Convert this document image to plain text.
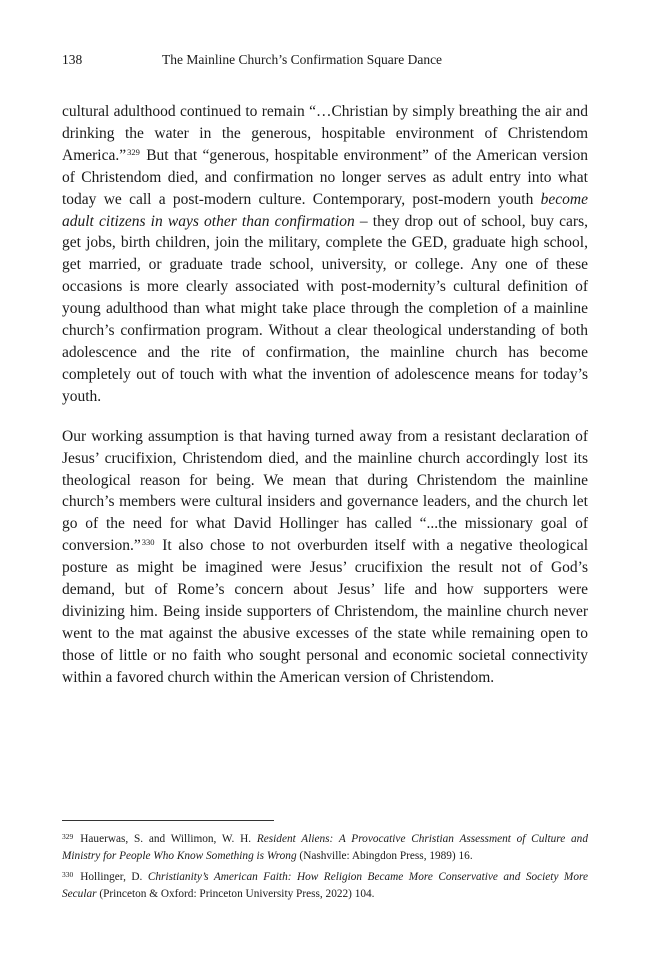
138	The Mainline Church’s Confirmation Square Dance

cultural adulthood continued to remain “…Christian by simply breathing the air and drinking the water in the generous, hospitable environment of Christendom America.”$^{329}$ But that “generous, hospitable environment” of the American version of Christendom died, and confirmation no longer serves as adult entry into what today we call a post-modern culture. Contemporary, post-modern youth become adult citizens in ways other than confirmation – they drop out of school, buy cars, get jobs, birth children, join the military, complete the GED, graduate high school, get married, or graduate trade school, university, or college. Any one of these occasions is more clearly associated with post-modernity’s cultural definition of young adulthood than what might take place through the completion of a mainline church’s confirmation program. Without a clear theological understanding of both adolescence and the rite of confirmation, the mainline church has become completely out of touch with what the invention of adolescence means for today’s youth.

Our working assumption is that having turned away from a resistant declaration of Jesus’ crucifixion, Christendom died, and the mainline church accordingly lost its theological reason for being. We mean that during Christendom the mainline church’s members were cultural insiders and governance leaders, and the church let go of the need for what David Hollinger has called “...the missionary goal of conversion.”$^{330}$ It also chose to not overburden itself with a negative theological posture as might be imagined were Jesus’ crucifixion the result not of God’s demand, but of Rome’s concern about Jesus’ life and how supporters were divinizing him. Being inside supporters of Christendom, the mainline church never went to the mat against the abusive excesses of the state while remaining open to those of little or no faith who sought personal and economic societal connectivity within a favored church within the American version of Christendom.

$^{329}$ Hauerwas, S. and Willimon, W. H. Resident Aliens: A Provocative Christian Assessment of Culture and Ministry for People Who Know Something is Wrong (Nashville: Abingdon Press, 1989) 16.

$^{330}$ Hollinger, D. Christianity’s American Faith: How Religion Became More Conservative and Society More Secular (Princeton & Oxford: Princeton University Press, 2022) 104.
